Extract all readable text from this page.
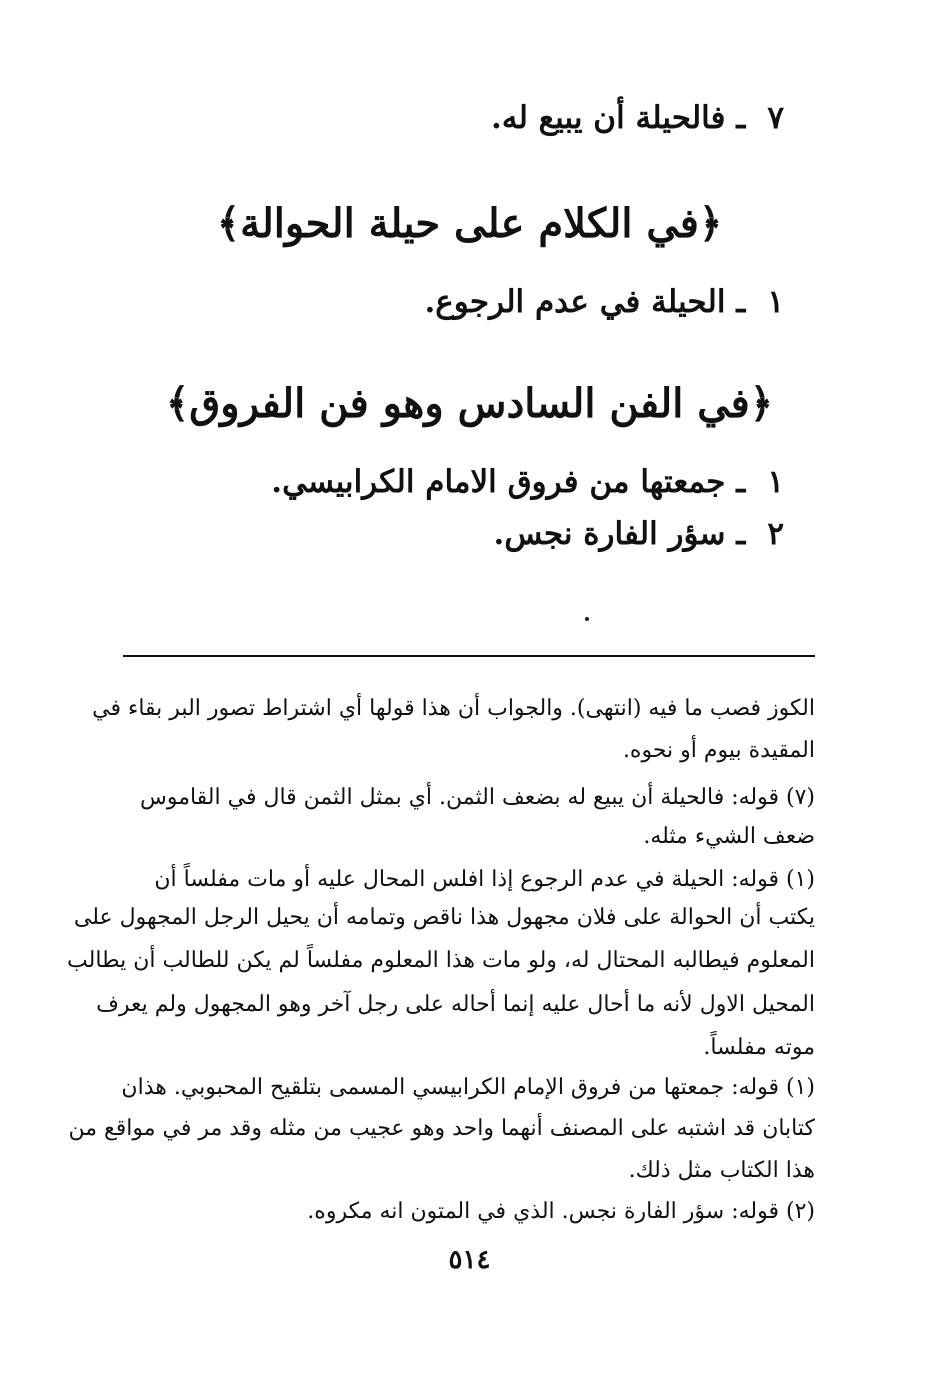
٧ـ فالحيلة أن يبيع له.

﴿في الكلام على حيلة الحوالة﴾

١ـ الحيلة في عدم الرجوع.

﴿في الفن السادس وهو فن الفروق﴾

١ـ جمعتها من فروق الامام الكرابيسي.

٢ـ سؤر الفارة نجس.

الكوز فصب ما فيه (انتهى). والجواب أن هذا قولها أي اشتراط تصور البر بقاء في

المقيدة بيوم أو نحوه.

(٧) قوله: فالحيلة أن يبيع له بضعف الثمن. أي بمثل الثمن قال في القاموس

ضعف الشيء مثله.

(١) قوله: الحيلة في عدم الرجوع إذا افلس المحال عليه أو مات مفلساً أن

يكتب أن الحوالة على فلان مجهول هذا ناقص وتمامه أن يحيل الرجل المجهول على

المعلوم فيطالبه المحتال له، ولو مات هذا المعلوم مفلساً لم يكن للطالب أن يطالب

المحيل الاول لأنه ما أحال عليه إنما أحاله على رجل آخر وهو المجهول ولم يعرف

موته مفلساً.

(١) قوله: جمعتها من فروق الإمام الكرابيسي المسمى بتلقيح المحبوبي. هذان

كتابان قد اشتبه على المصنف أنهما واحد وهو عجيب من مثله وقد مر في مواقع من

هذا الكتاب مثل ذلك.

(٢) قوله: سؤر الفارة نجس. الذي في المتون انه مكروه.

٥١٤
